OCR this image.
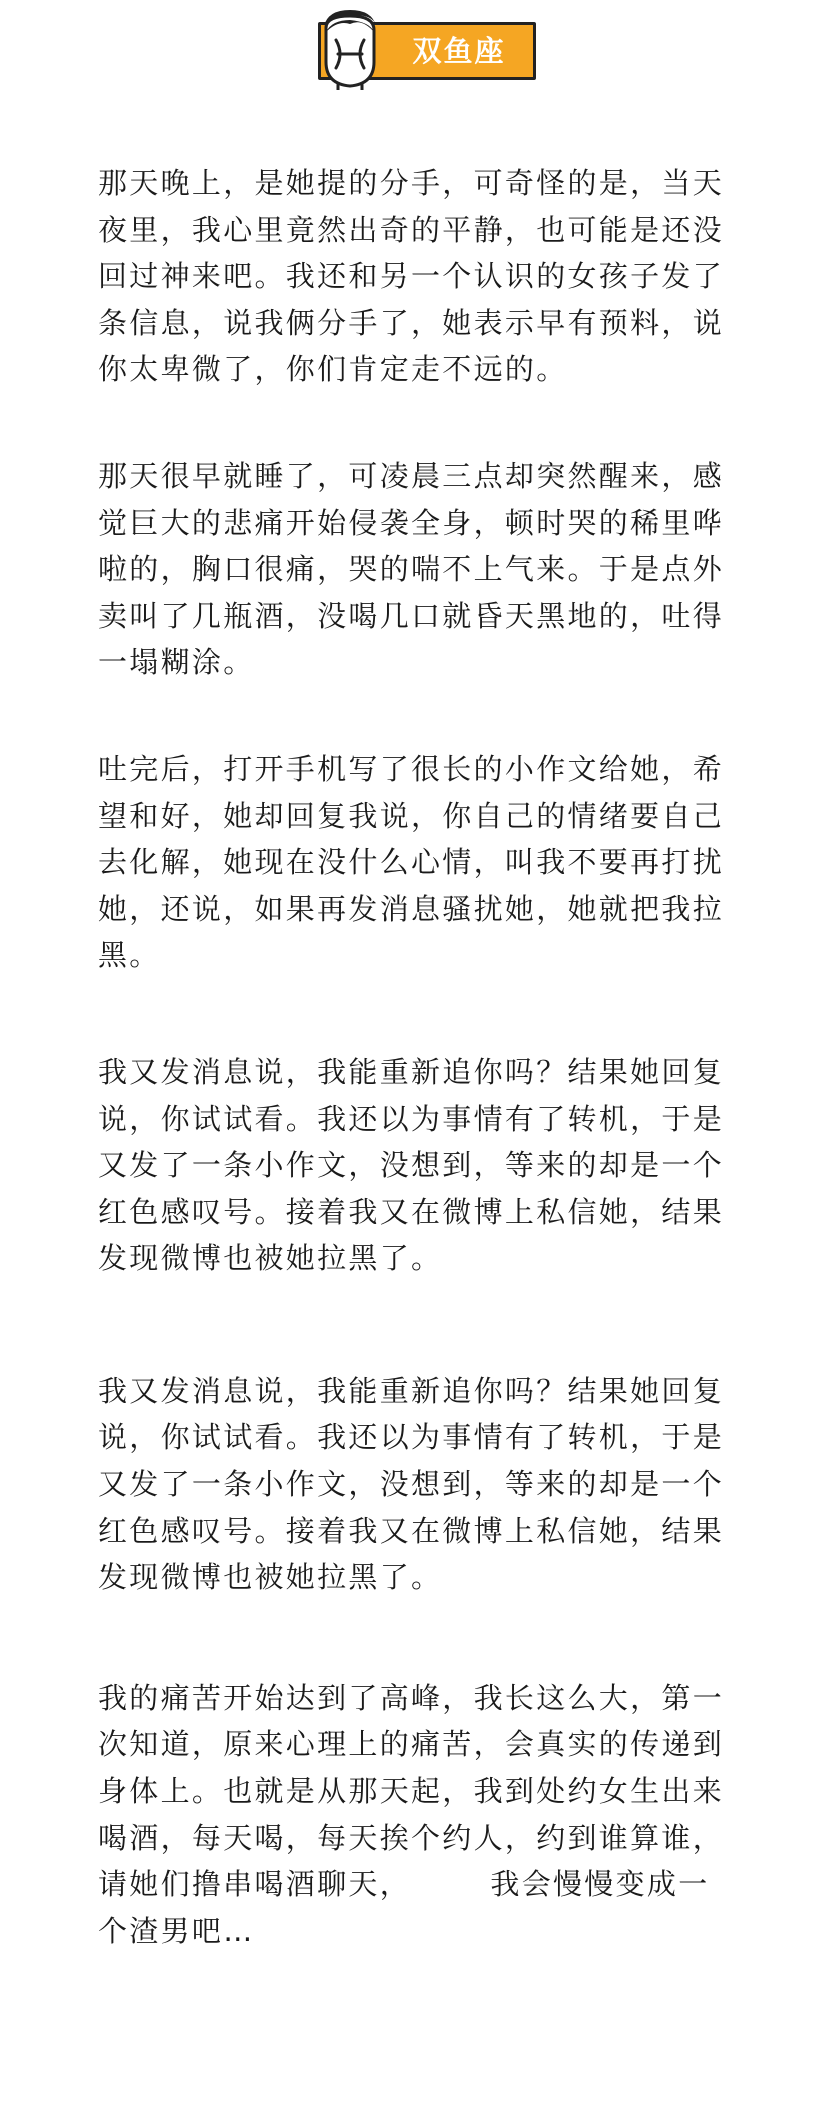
双鱼座

那天晚上，是她提的分手，可奇怪的是，当天
夜里，我心里竟然出奇的平静，也可能是还没
回过神来吧。我还和另一个认识的女孩子发了
条信息，说我俩分手了，她表示早有预料，说
你太卑微了，你们肯定走不远的。

那天很早就睡了，可凌晨三点却突然醒来，感
觉巨大的悲痛开始侵袭全身，顿时哭的稀里哗
啦的，胸口很痛，哭的喘不上气来。于是点外
卖叫了几瓶酒，没喝几口就昏天黑地的，吐得
一塌糊涂。

吐完后，打开手机写了很长的小作文给她，希
望和好，她却回复我说，你自己的情绪要自己
去化解，她现在没什么心情，叫我不要再打扰
她，还说，如果再发消息骚扰她，她就把我拉
黑。

我又发消息说，我能重新追你吗？结果她回复
说，你试试看。我还以为事情有了转机，于是
又发了一条小作文，没想到，等来的却是一个
红色感叹号。接着我又在微博上私信她，结果
发现微博也被她拉黑了。

我又发消息说，我能重新追你吗？结果她回复
说，你试试看。我还以为事情有了转机，于是
又发了一条小作文，没想到，等来的却是一个
红色感叹号。接着我又在微博上私信她，结果
发现微博也被她拉黑了。

我的痛苦开始达到了高峰，我长这么大，第一
次知道，原来心理上的痛苦，会真实的传递到
身体上。也就是从那天起，我到处约女生出来
喝酒，每天喝，每天挨个约人，约到谁算谁，
请她们撸串喝酒聊天，　　　我会慢慢变成一
个渣男吧…
